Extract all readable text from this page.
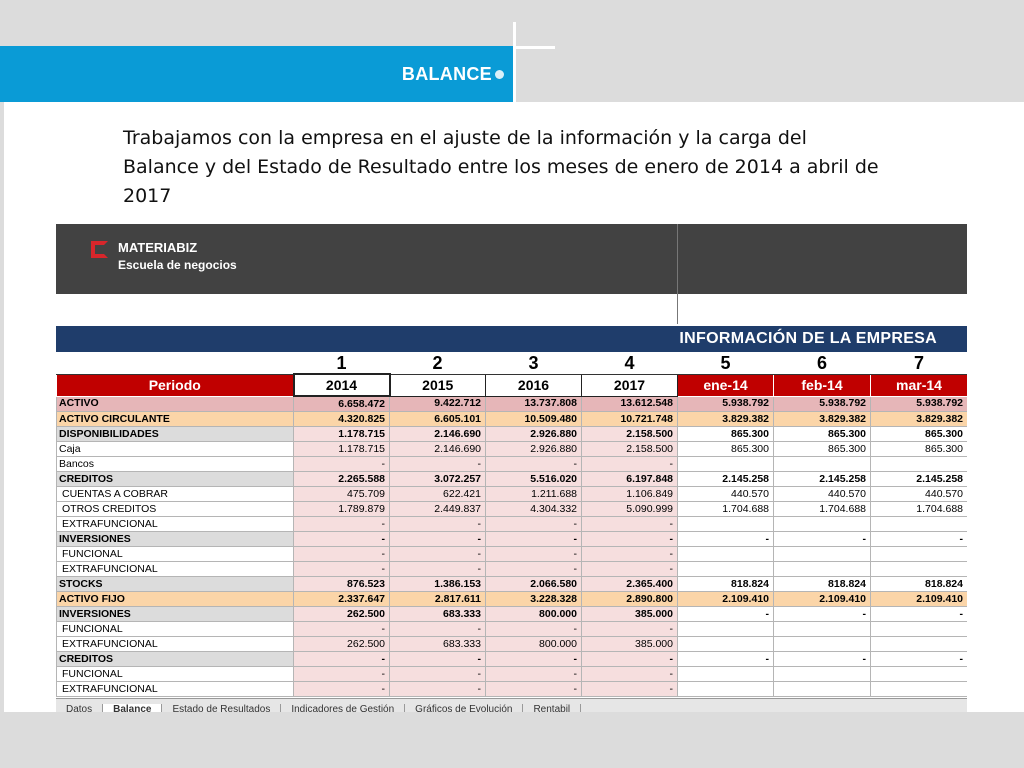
BALANCE
Trabajamos con la empresa en el ajuste de la información y la carga del Balance y del Estado de Resultado entre los meses de enero de 2014 a abril de 2017
MATERIABIZ
Escuela de negocios
INFORMACIÓN DE LA EMPRESA
	1	2	3	4	5	6	7
Periodo	2014	2015	2016	2017	ene-14	feb-14	mar-14
ACTIVO	6.658.472	9.422.712	13.737.808	13.612.548	5.938.792	5.938.792	5.938.792
ACTIVO CIRCULANTE	4.320.825	6.605.101	10.509.480	10.721.748	3.829.382	3.829.382	3.829.382
DISPONIBILIDADES	1.178.715	2.146.690	2.926.880	2.158.500	865.300	865.300	865.300
Caja	1.178.715	2.146.690	2.926.880	2.158.500	865.300	865.300	865.300
Bancos	-	-	-	-			
CREDITOS	2.265.588	3.072.257	5.516.020	6.197.848	2.145.258	2.145.258	2.145.258
CUENTAS A COBRAR	475.709	622.421	1.211.688	1.106.849	440.570	440.570	440.570
OTROS CREDITOS	1.789.879	2.449.837	4.304.332	5.090.999	1.704.688	1.704.688	1.704.688
EXTRAFUNCIONAL	-	-	-	-			
INVERSIONES	-	-	-	-	-	-	-
FUNCIONAL	-	-	-	-			
EXTRAFUNCIONAL	-	-	-	-			
STOCKS	876.523	1.386.153	2.066.580	2.365.400	818.824	818.824	818.824
ACTIVO FIJO	2.337.647	2.817.611	3.228.328	2.890.800	2.109.410	2.109.410	2.109.410
INVERSIONES	262.500	683.333	800.000	385.000	-	-	-
FUNCIONAL	-	-	-	-			
EXTRAFUNCIONAL	262.500	683.333	800.000	385.000			
CREDITOS	-	-	-	-	-	-	-
FUNCIONAL	-	-	-	-			
EXTRAFUNCIONAL	-	-	-	-			
Datos Balance Estado de Resultados Indicadores de Gestión Gráficos de Evolución Rentabil
